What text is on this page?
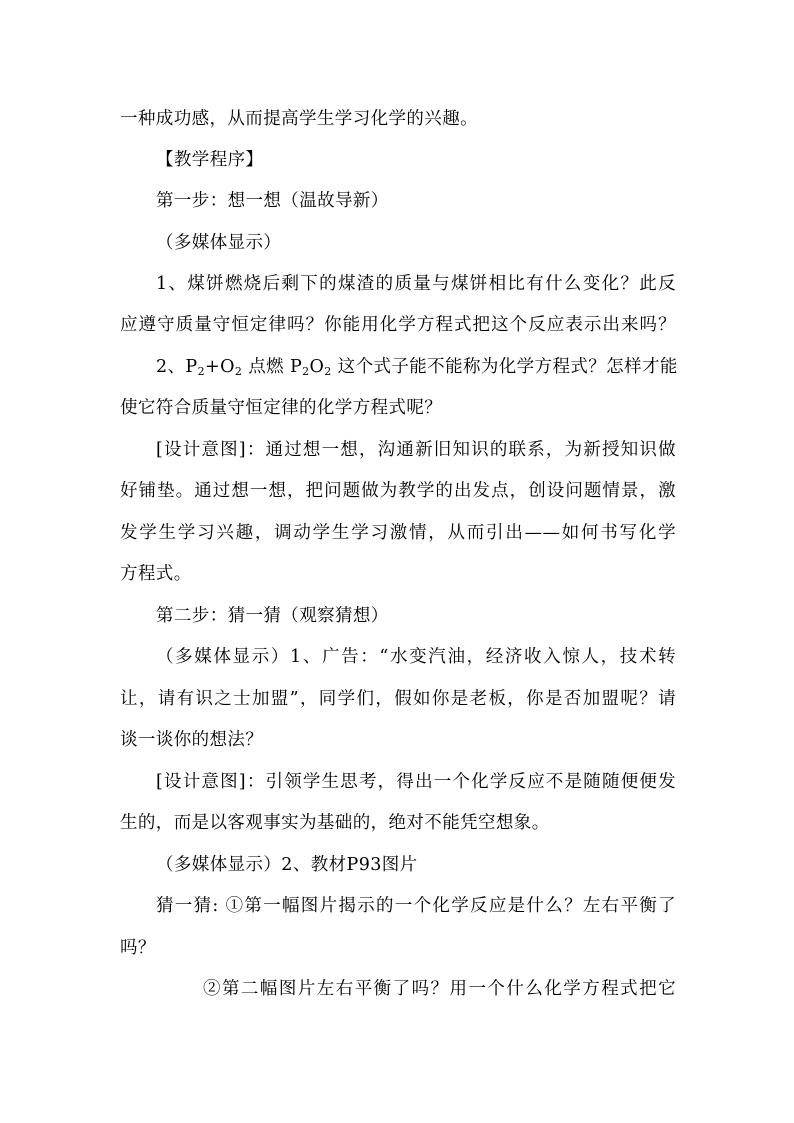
一种成功感，从而提高学生学习化学的兴趣。
【教学程序】
第一步：想一想（温故导新）
（多媒体显示）
1、煤饼燃烧后剩下的煤渣的质量与煤饼相比有什么变化？此反
应遵守质量守恒定律吗？你能用化学方程式把这个反应表示出来吗？
2、$P_2+O_2$ 点燃 $P_2O_2$ 这个式子能不能称为化学方程式？怎样才能
使它符合质量守恒定律的化学方程式呢？
[设计意图]：通过想一想，沟通新旧知识的联系，为新授知识做
好铺垫。通过想一想，把问题做为教学的出发点，创设问题情景，激
发学生学习兴趣，调动学生学习激情，从而引出——如何书写化学
方程式。
第二步：猜一猜（观察猜想）
（多媒体显示）1、广告：“水变汽油，经济收入惊人，技术转
让，请有识之士加盟”，同学们，假如你是老板，你是否加盟呢？请
谈一谈你的想法？
[设计意图]：引领学生思考，得出一个化学反应不是随随便便发
生的，而是以客观事实为基础的，绝对不能凭空想象。
（多媒体显示）2、教材P93图片
猜一猜: ①第一幅图片揭示的一个化学反应是什么？左右平衡了
吗？
②第二幅图片左右平衡了吗？用一个什么化学方程式把它
